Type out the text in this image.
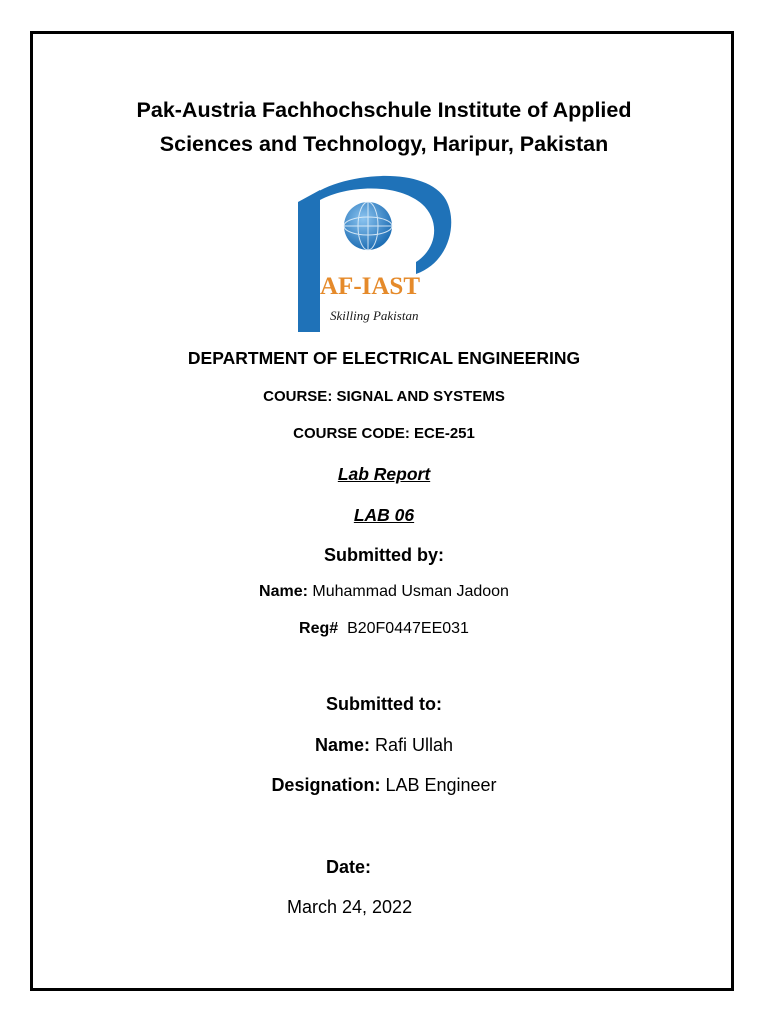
Pak-Austria Fachhochschule Institute of Applied
Sciences and Technology, Haripur, Pakistan
AF-IAST
Skilling Pakistan
DEPARTMENT OF ELECTRICAL ENGINEERING
COURSE: SIGNAL AND SYSTEMS
COURSE CODE: ECE-251
Lab Report
LAB 06
Submitted by:
Name: Muhammad Usman Jadoon
Reg# B20F0447EE031
Submitted to:
Name: Rafi Ullah
Designation: LAB Engineer
Date:
March 24, 2022
